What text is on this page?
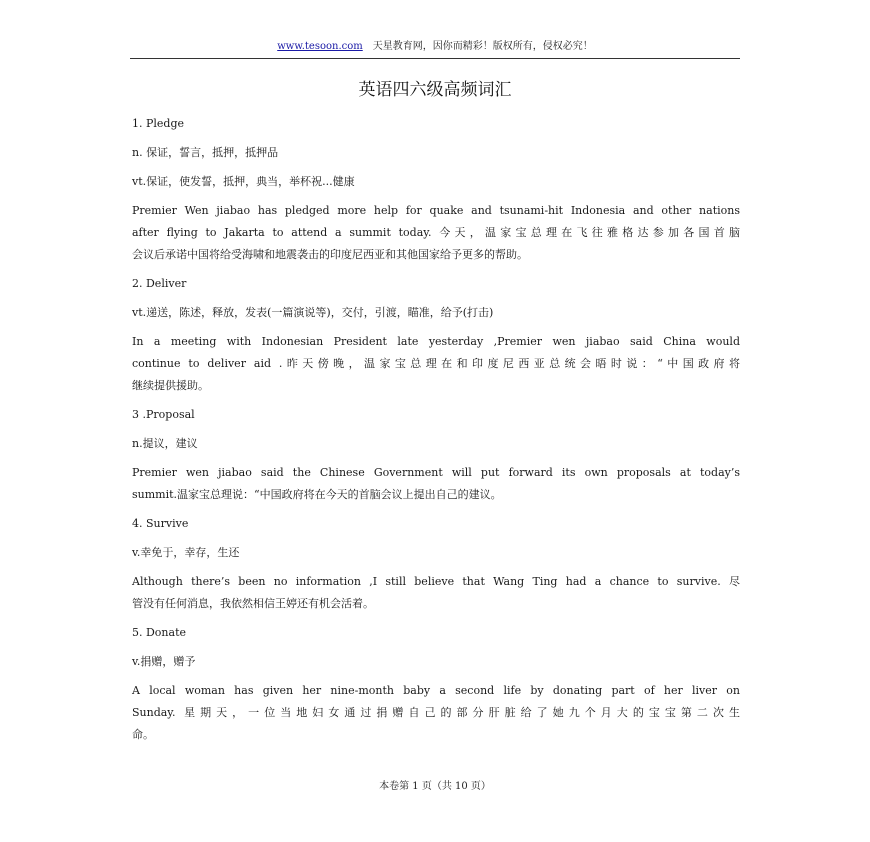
www.tesoon.com 天星教育网，因你而精彩！版权所有，侵权必究！
英语四六级高频词汇

1. Pledge

n. 保证，誓言，抵押，抵押品

vt.保证，使发誓，抵押，典当，举杯祝...健康

Premier Wen jiabao has pledged more help for quake and tsunami-hit Indonesia and other nations
after flying to Jakarta to attend a summit today. 今天，温家宝总理在飞往雅格达参加各国首脑
会议后承诺中国将给受海啸和地震袭击的印度尼西亚和其他国家给予更多的帮助。

2. Deliver

vt.递送，陈述，释放，发表(一篇演说等)，交付，引渡，瞄准，给予(打击)

In a meeting with Indonesian President late yesterday ,Premier wen jiabao said China would
continue to deliver aid .昨天傍晚，温家宝总理在和印度尼西亚总统会晤时说：“中国政府将
继续提供援助。

3 .Proposal

n.提议，建议

Premier wen jiabao said the Chinese Government will put forward its own proposals at today’s
summit.温家宝总理说：“中国政府将在今天的首脑会议上提出自己的建议。

4. Survive

v.幸免于，幸存，生还

Although there’s been no information ,I still believe that Wang Ting had a chance to survive. 尽
管没有任何消息，我依然相信王婷还有机会活着。

5. Donate

v.捐赠，赠予

A local woman has given her nine-month baby a second life by donating part of her liver on
Sunday. 星期天，一位当地妇女通过捐赠自己的部分肝脏给了她九个月大的宝宝第二次生
命。
本卷第 1 页（共 10 页）
